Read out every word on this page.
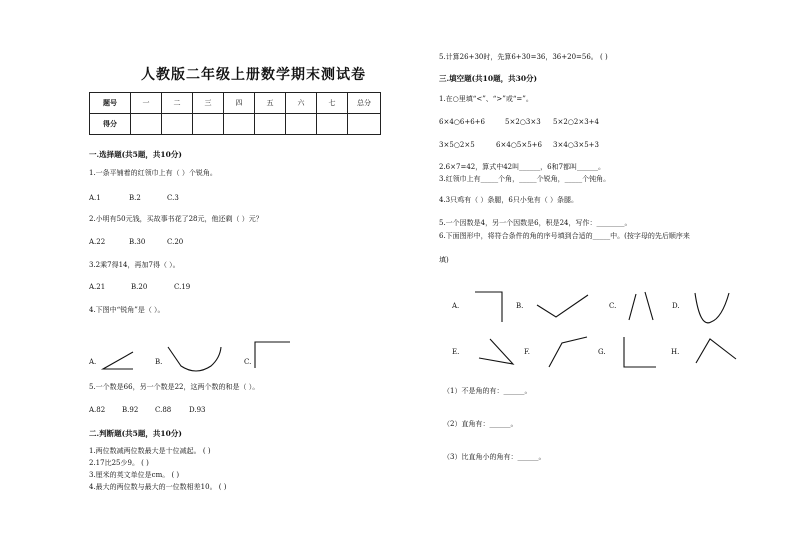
人教版二年级上册数学期末测试卷
题号	一	二	三	四	五	六	七	总分
得分								
一.选择题(共5题，共10分)
1.一条平铺着的红领巾上有（ ）个锐角。
A.1	B.2	C.3
2.小明有50元钱，买故事书花了28元，他还剩（ ）元？
A.22	B.30	C.20
3.2乘7得14，再加7得（ ）。
A.21	B.20	C.19
4.下图中“锐角”是（ ）。
A.	B.	C.
5.一个数是66，另一个数是22，这两个数的和是（ ）。
A.82 B.92 C.88	D.93
二.判断题(共5题，共10分)
1.两位数减两位数最大是十位减起。 ( )
2.17比25少9。 ( )
3.厘米的英文单位是cm。 ( )
4.最大的两位数与最大的一位数相差10。 ( )
5.计算26+30时，先算6+30=36，36+20=56。 ( )
三.填空题(共10题，共30分)
1.在○里填“<”、“>”或“=”。
6×4○6+6+6	5×2○3×3 5×2○2×3+4
3×5○2×5	6×4○5×5+6 3×4○3×5+3
2.6×7=42，算式中42叫______，6和7都叫______。
3.红领巾上有_____个角，_____个锐角，_____个钝角。
4.3只鸡有（ ）条腿，6只小兔有（ ）条腿。
5.一个因数是4，另一个因数是6，积是24，写作：________。
6.下面图形中，将符合条件的角的序号填到合适的_____中。(按字母的先后顺序来
填)
A.	B.	C.	D.
E.	F.	G.	H.
（1）不是角的有：______。
（2）直角有：______。
（3）比直角小的角有：______。
